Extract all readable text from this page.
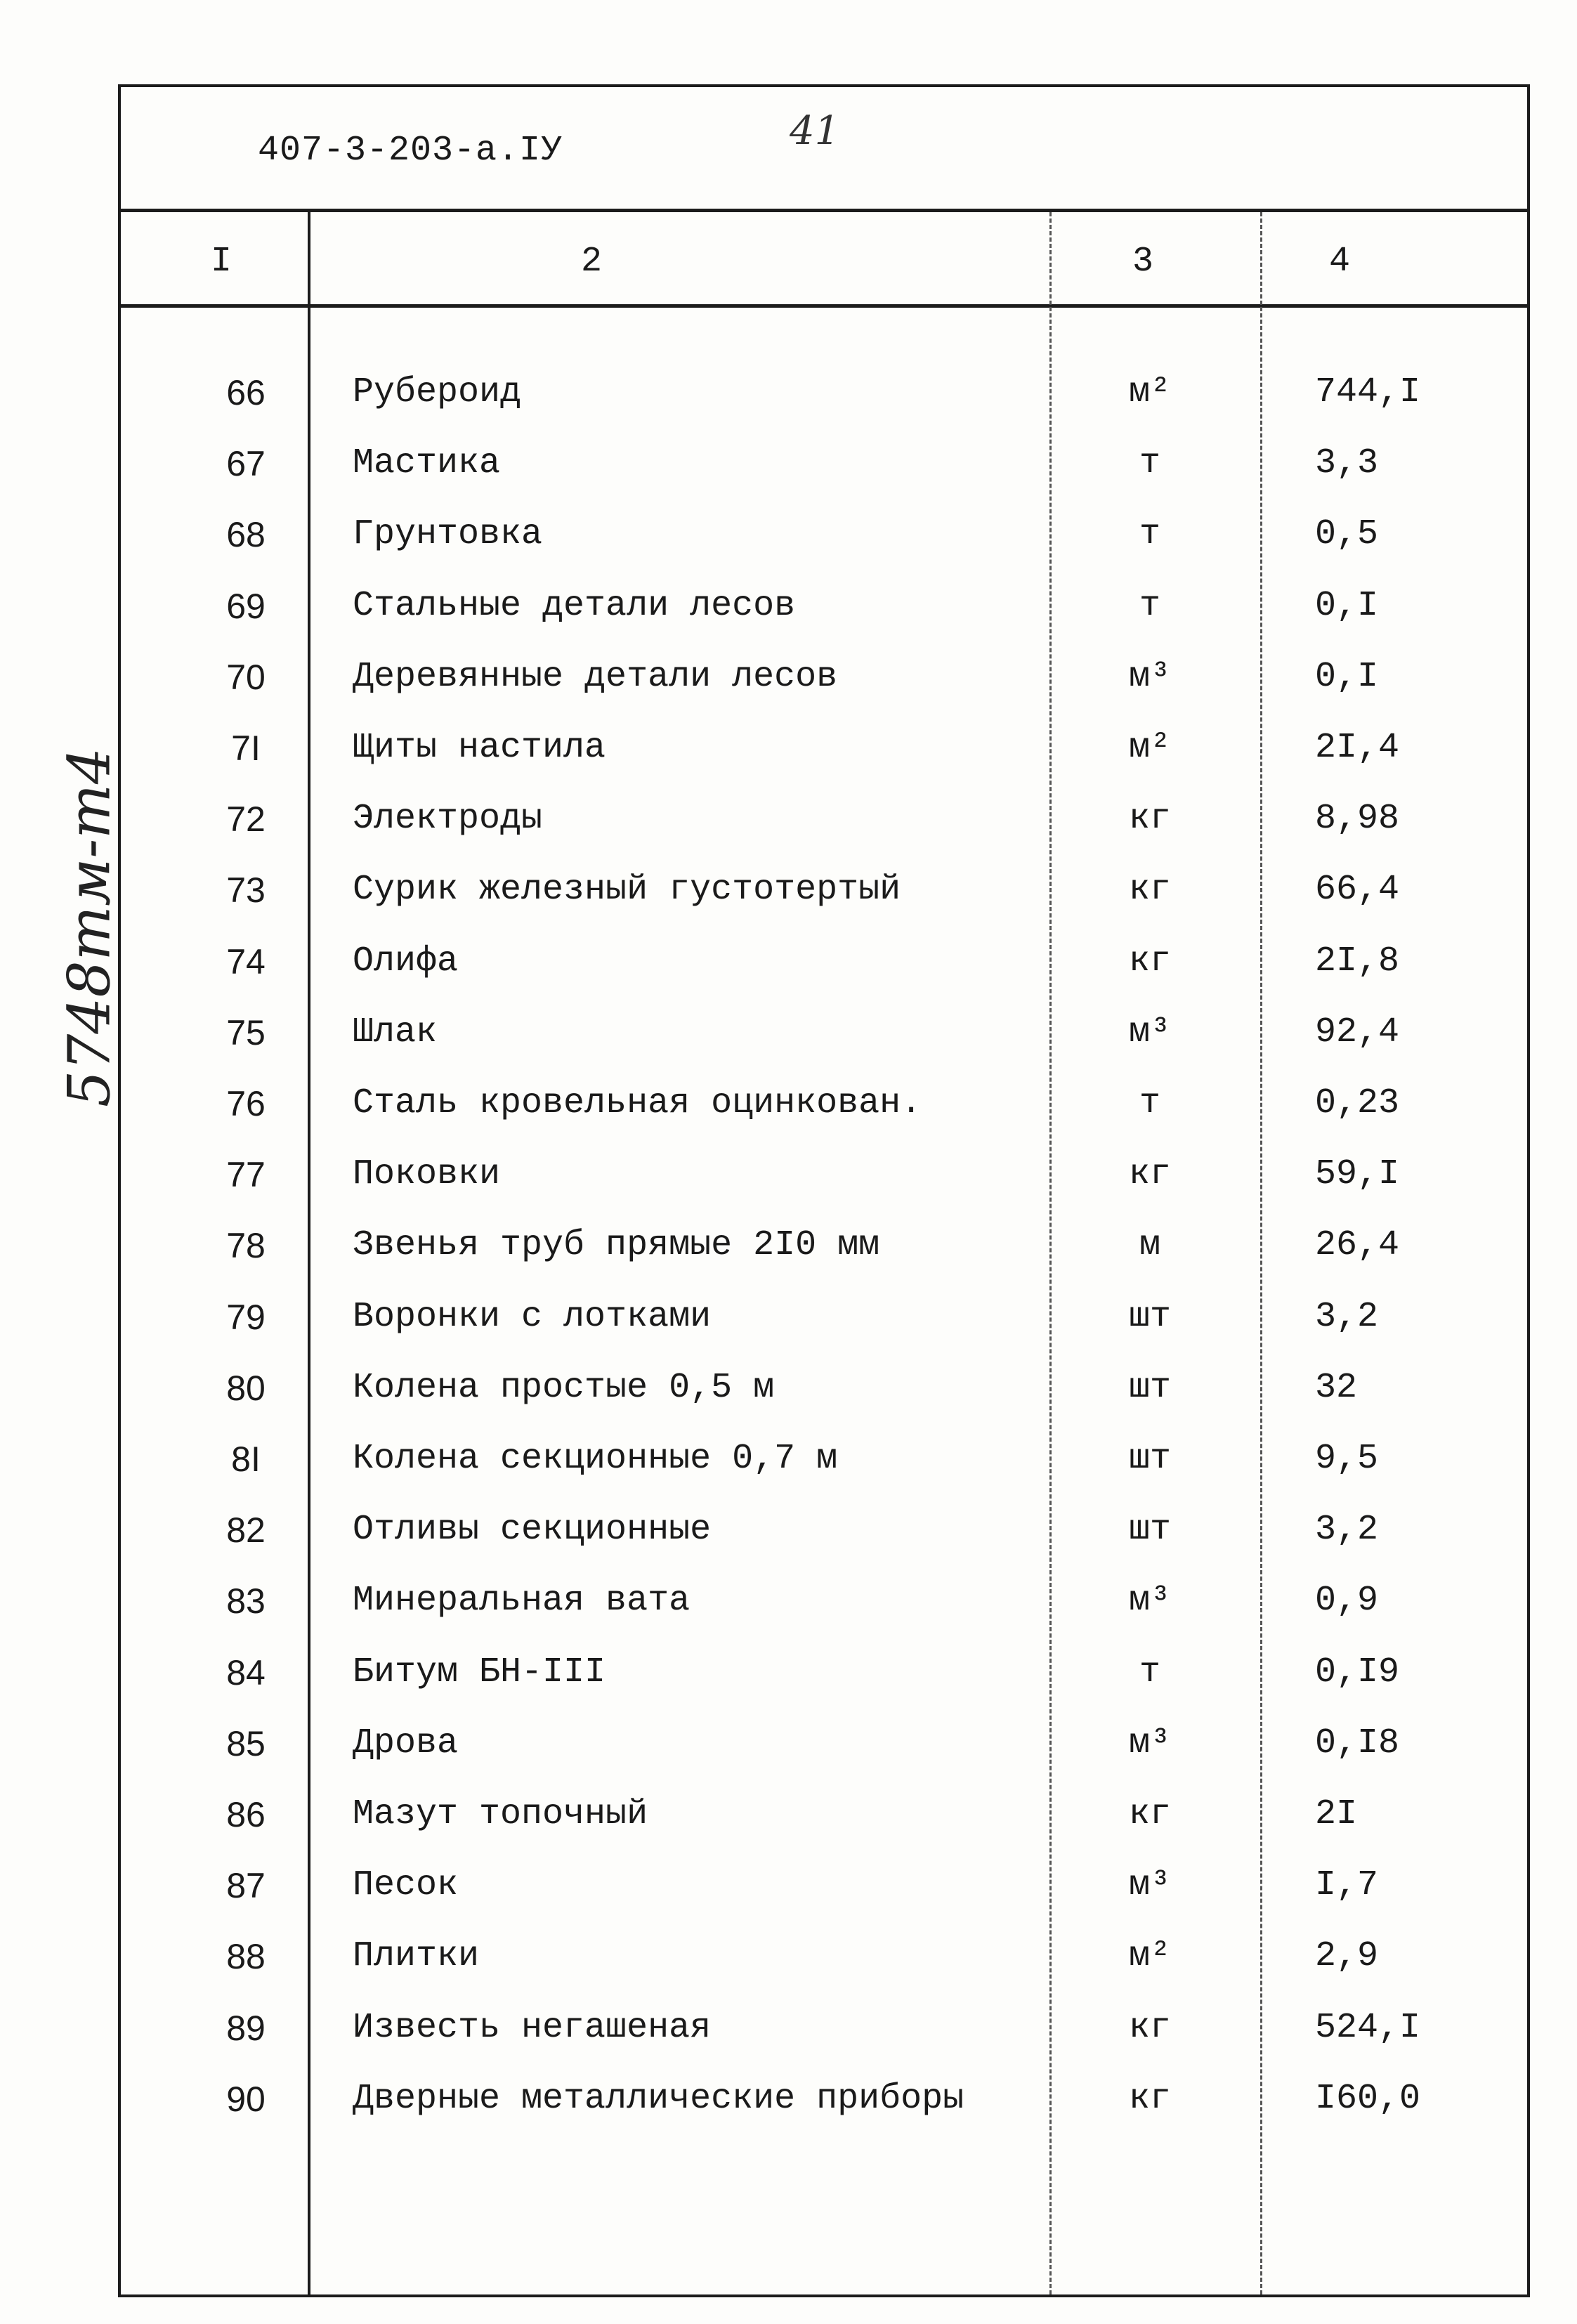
5748тм-т4
407-3-203-а.IУ	41
I	2	3	4
66	Рубероид	м²	744,I
67	Мастика	т	3,3
68	Грунтовка	т	0,5
69	Стальные детали лесов	т	0,I
70	Деревянные детали лесов	м³	0,I
7I	Щиты настила	м²	2I,4
72	Электроды	кг	8,98
73	Сурик железный густотертый	кг	66,4
74	Олифа	кг	2I,8
75	Шлак	м³	92,4
76	Сталь кровельная оцинкован.	т	0,23
77	Поковки	кг	59,I
78	Звенья труб прямые 2I0 мм	м	26,4
79	Воронки с лотками	шт	3,2
80	Колена простые 0,5 м	шт	32
8I	Колена секционные 0,7 м	шт	9,5
82	Отливы секционные	шт	3,2
83	Минеральная вата	м³	0,9
84	Битум БН-III	т	0,I9
85	Дрова	м³	0,I8
86	Мазут топочный	кг	2I
87	Песок	м³	I,7
88	Плитки	м²	2,9
89	Известь негашеная	кг	524,I
90	Дверные металлические приборы	кг	I60,0
